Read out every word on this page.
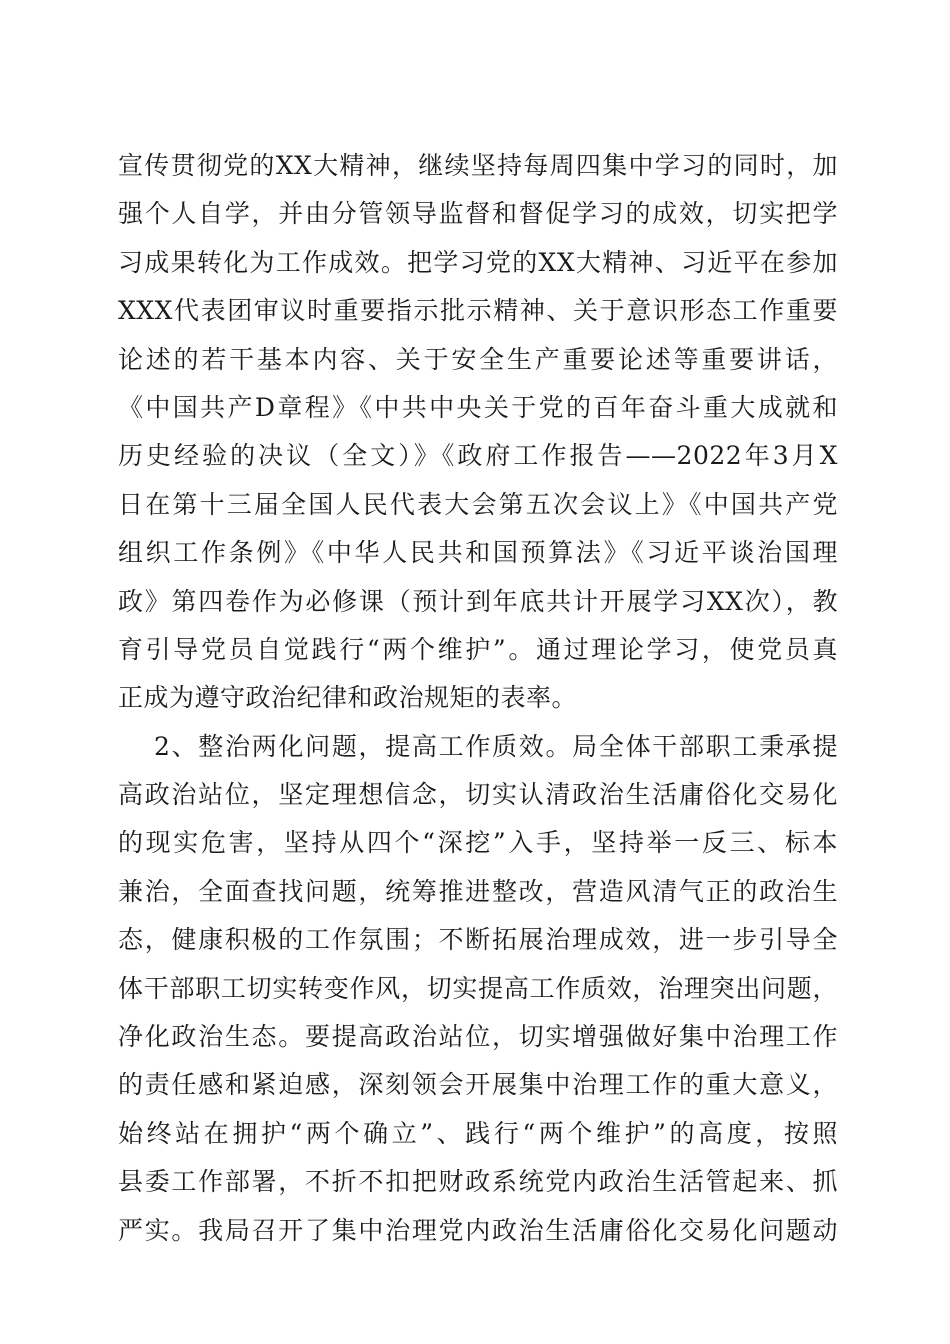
宣传贯彻党的XX大精神，继续坚持每周四集中学习的同时，加
强个人自学，并由分管领导监督和督促学习的成效，切实把学
习成果转化为工作成效。把学习党的XX大精神、习近平在参加
XXX代表团审议时重要指示批示精神、关于意识形态工作重要
论述的若干基本内容、关于安全生产重要论述等重要讲话，
《中国共产D章程》《中共中央关于党的百年奋斗重大成就和
历史经验的决议（全文）》《政府工作报告——2022年3月X
日在第十三届全国人民代表大会第五次会议上》《中国共产党
组织工作条例》《中华人民共和国预算法》《习近平谈治国理
政》第四卷作为必修课（预计到年底共计开展学习XX次），教
育引导党员自觉践行“两个维护”。通过理论学习，使党员真
正成为遵守政治纪律和政治规矩的表率。
2、整治两化问题，提高工作质效。局全体干部职工秉承提
高政治站位，坚定理想信念，切实认清政治生活庸俗化交易化
的现实危害，坚持从四个“深挖”入手，坚持举一反三、标本
兼治，全面查找问题，统筹推进整改，营造风清气正的政治生
态，健康积极的工作氛围；不断拓展治理成效，进一步引导全
体干部职工切实转变作风，切实提高工作质效，治理突出问题，
净化政治生态。要提高政治站位，切实增强做好集中治理工作
的责任感和紧迫感，深刻领会开展集中治理工作的重大意义，
始终站在拥护“两个确立”、践行“两个维护”的高度，按照
县委工作部署，不折不扣把财政系统党内政治生活管起来、抓
严实。我局召开了集中治理党内政治生活庸俗化交易化问题动
